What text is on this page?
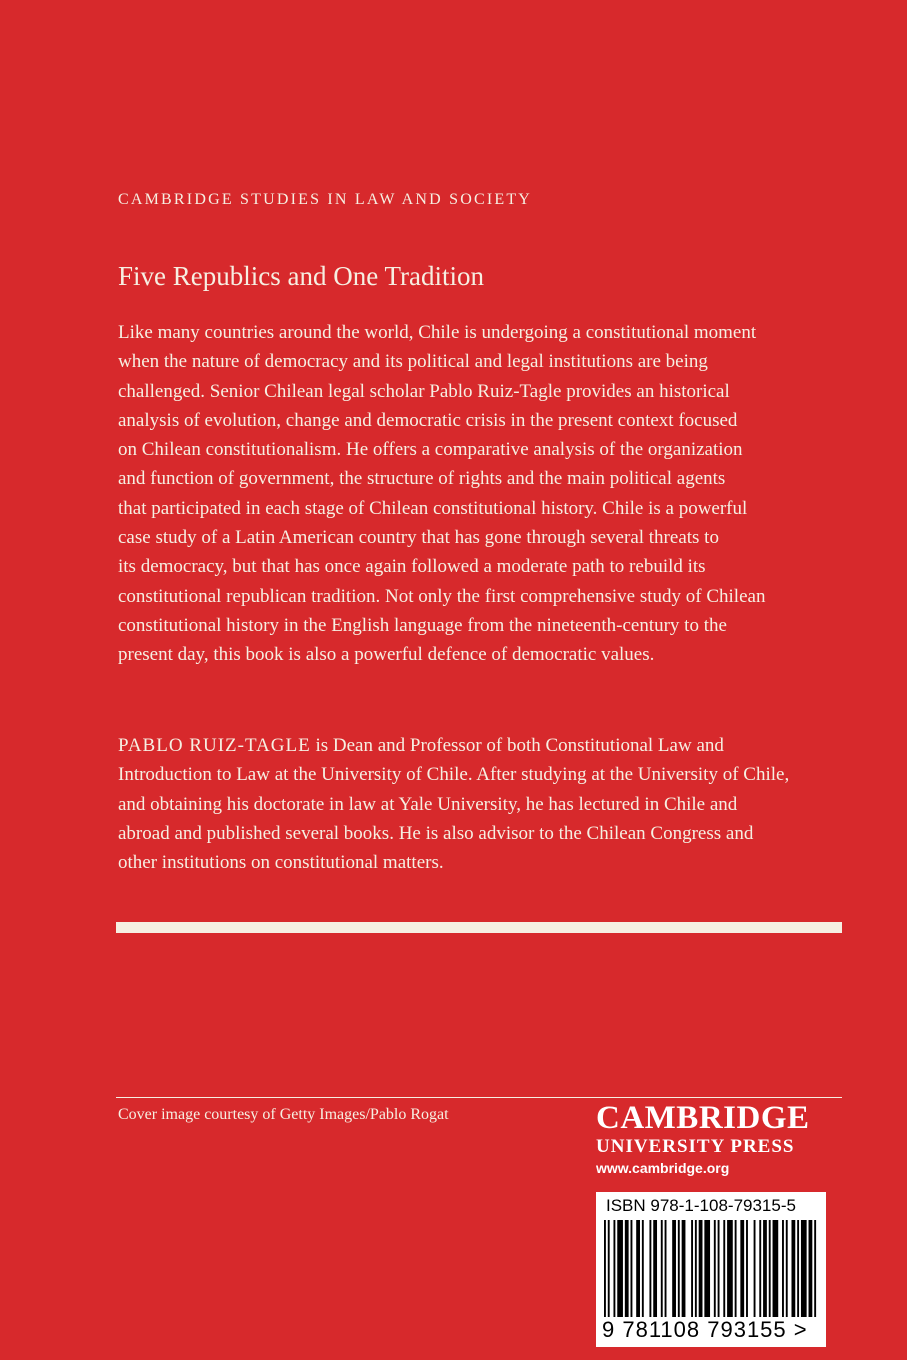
CAMBRIDGE STUDIES IN LAW AND SOCIETY
Five Republics and One Tradition
Like many countries around the world, Chile is undergoing a constitutional moment
when the nature of democracy and its political and legal institutions are being
challenged. Senior Chilean legal scholar Pablo Ruiz-Tagle provides an historical
analysis of evolution, change and democratic crisis in the present context focused
on Chilean constitutionalism. He offers a comparative analysis of the organization
and function of government, the structure of rights and the main political agents
that participated in each stage of Chilean constitutional history. Chile is a powerful
case study of a Latin American country that has gone through several threats to
its democracy, but that has once again followed a moderate path to rebuild its
constitutional republican tradition. Not only the first comprehensive study of Chilean
constitutional history in the English language from the nineteenth-century to the
present day, this book is also a powerful defence of democratic values.
PABLO RUIZ-TAGLE is Dean and Professor of both Constitutional Law and
Introduction to Law at the University of Chile. After studying at the University of Chile,
and obtaining his doctorate in law at Yale University, he has lectured in Chile and
abroad and published several books. He is also advisor to the Chilean Congress and
other institutions on constitutional matters.
Cover image courtesy of Getty Images/Pablo Rogat	CAMBRIDGE
UNIVERSITY PRESS
www.cambridge.org
ISBN 978-1-108-79315-5
9 781108 793155 >
